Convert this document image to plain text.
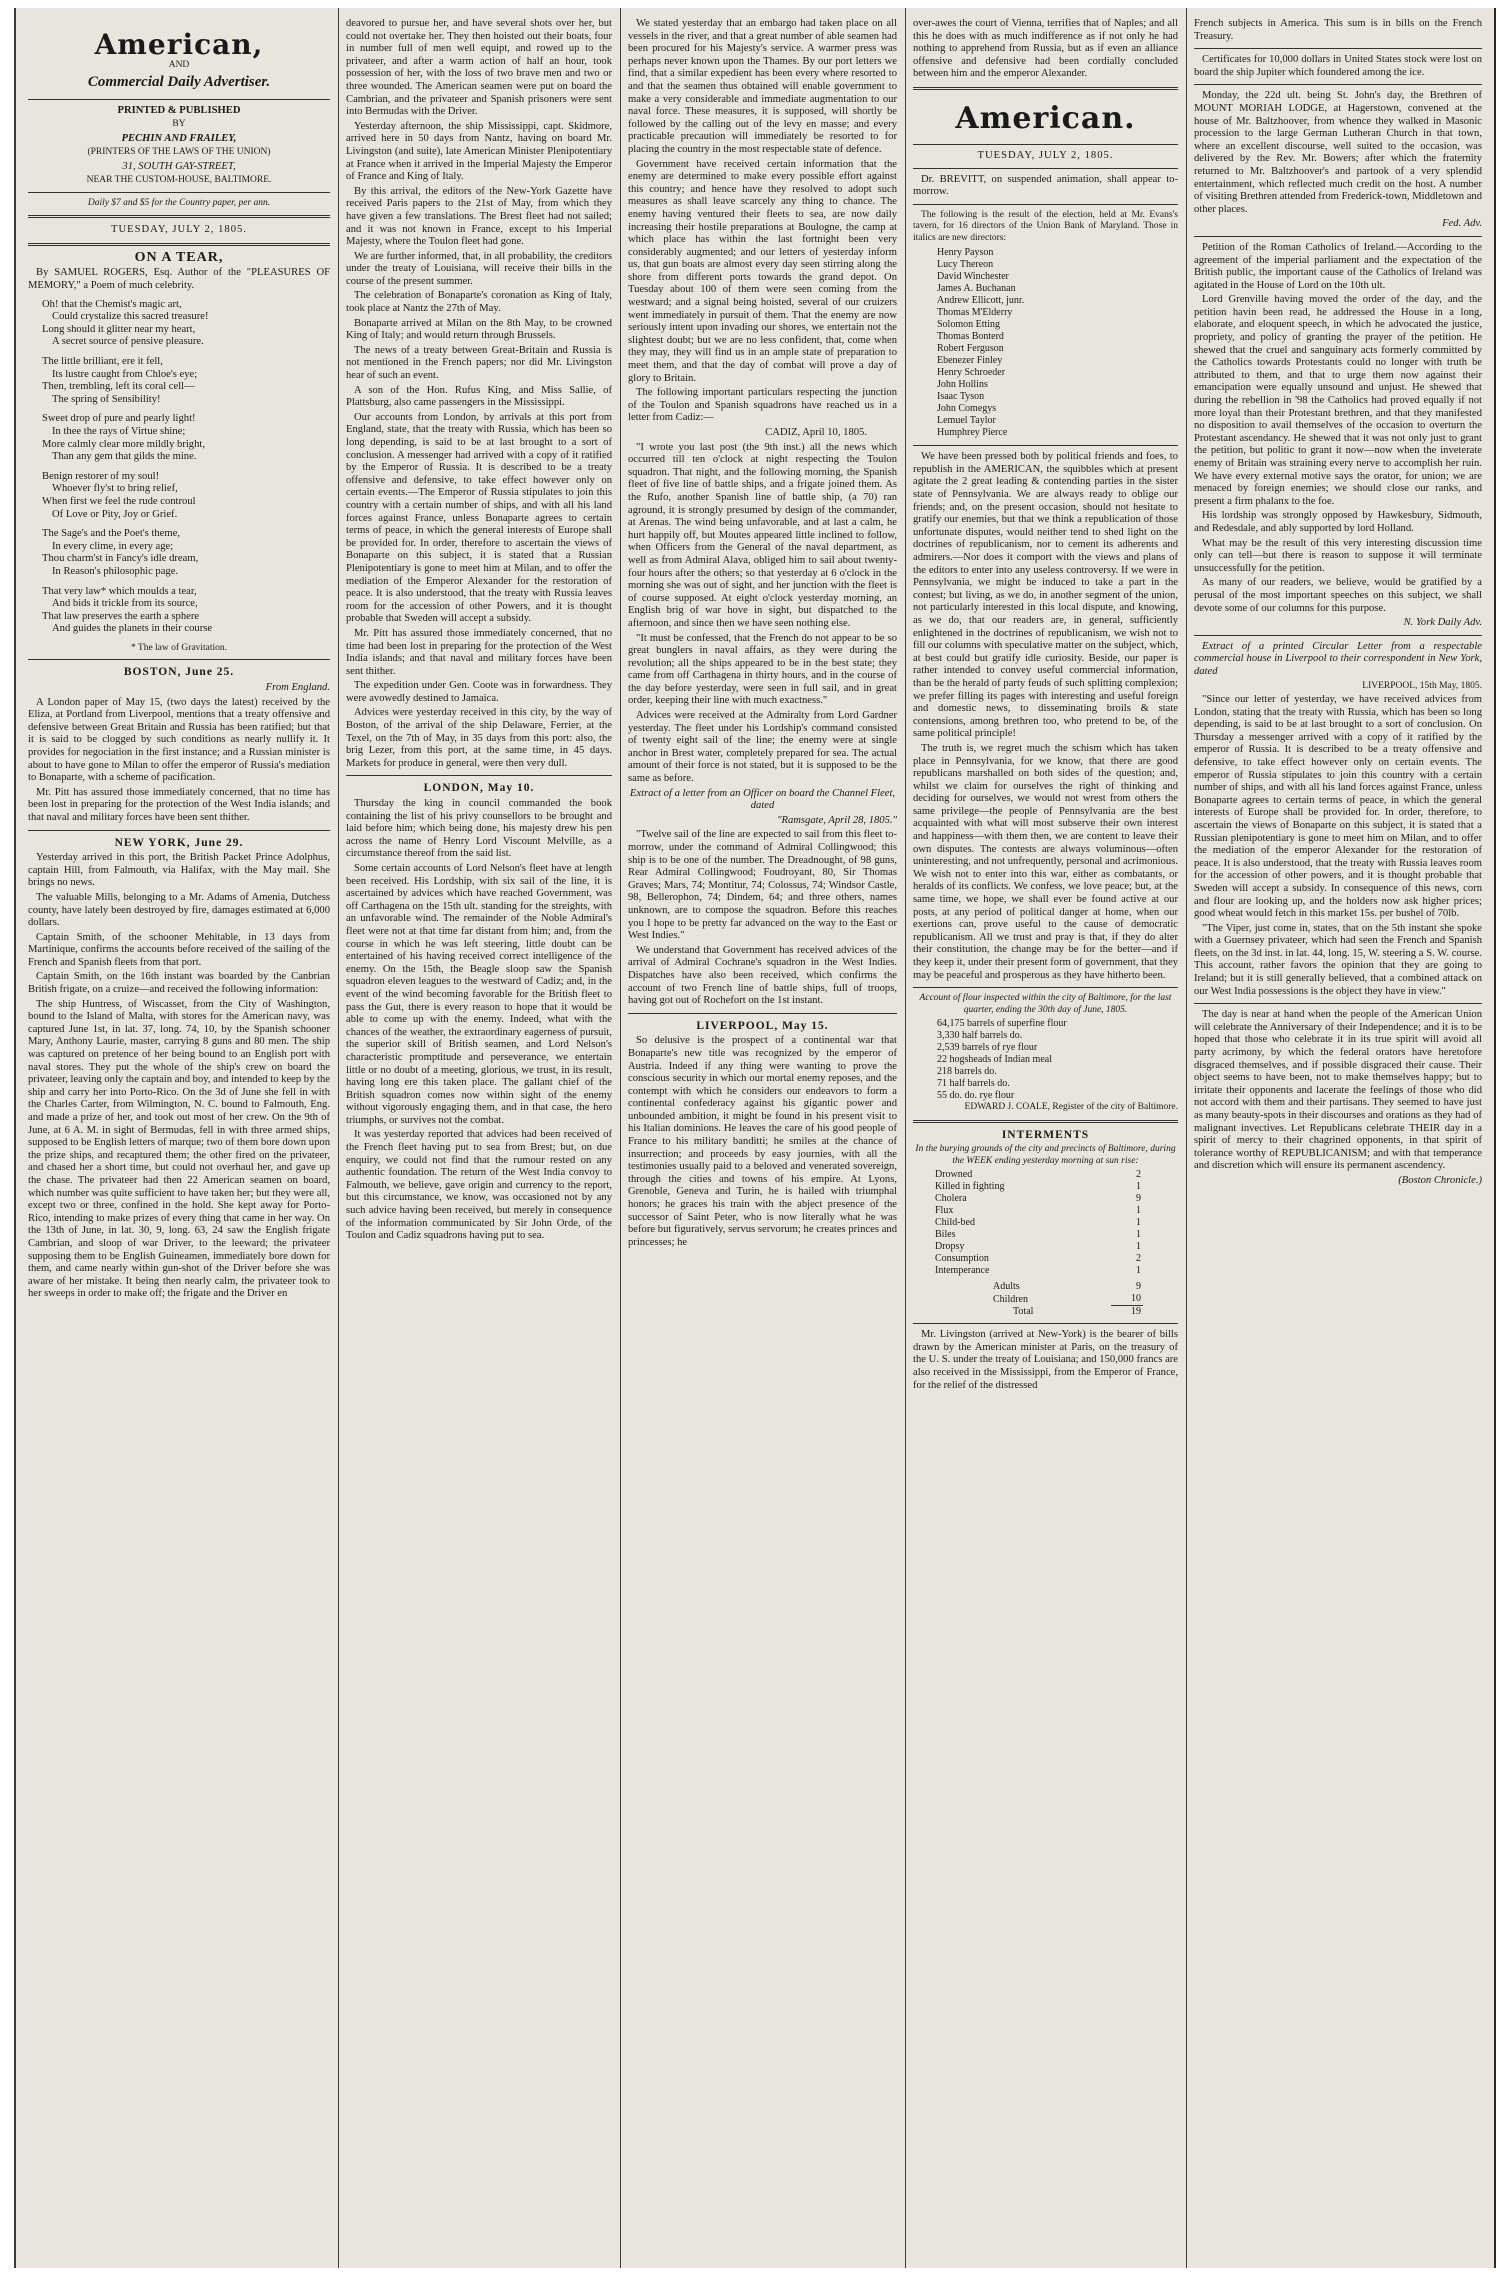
American,
AND
Commercial Daily Advertiser.

PRINTED & PUBLISHED

BY

PECHIN AND FRAILEY,

(PRINTERS OF THE LAWS OF THE UNION)

31, SOUTH GAY-STREET,

NEAR THE CUSTOM-HOUSE, BALTIMORE.

Daily $7 and $5 for the Country paper, per ann.

TUESDAY, JULY 2, 1805.

ON A TEAR,

By SAMUEL ROGERS, Esq. Author of the "PLEASURES OF MEMORY," a Poem of much celebrity.

Oh! that the Chemist's magic art,

Could crystalize this sacred treasure!

Long should it glitter near my heart,

A secret source of pensive pleasure.

The little brilliant, ere it fell,

Its lustre caught from Chloe's eye;

Then, trembling, left its coral cell—

The spring of Sensibility!

Sweet drop of pure and pearly light!

In thee the rays of Virtue shine;

More calmly clear more mildly bright,

Than any gem that gilds the mine.

Benign restorer of my soul!

Whoever fly'st to bring relief,

When first we feel the rude controul

Of Love or Pity, Joy or Grief.

The Sage's and the Poet's theme,

In every clime, in every age;

Thou charm'st in Fancy's idle dream,

In Reason's philosophic page.

That very law* which moulds a tear,

And bids it trickle from its source,

That law preserves the earth a sphere

And guides the planets in their course

* The law of Gravitation.

BOSTON, June 25.

From England.

A London paper of May 15, (two days the latest) received by the Eliza, at Portland from Liverpool, mentions that a treaty offensive and defensive between Great Britain and Russia has been ratified; but that it is said to be clogged by such conditions as nearly nullify it. It provides for negociation in the first instance; and a Russian minister is about to have gone to Milan to offer the emperor of Russia's mediation to Bonaparte, with a scheme of pacification.

Mr. Pitt has assured those immediately concerned, that no time has been lost in preparing for the protection of the West India islands; and that naval and military forces have been sent thither.

NEW YORK, June 29.

Yesterday arrived in this port, the British Packet Prince Adolphus, captain Hill, from Falmouth, via Halifax, with the May mail. She brings no news.

The valuable Mills, belonging to a Mr. Adams of Amenia, Dutchess county, have lately been destroyed by fire, damages estimated at 6,000 dollars.

Captain Smith, of the schooner Mehitable, in 13 days from Martinique, confirms the accounts before received of the sailing of the French and Spanish fleets from that port.

Captain Smith, on the 16th instant was boarded by the Canbrian British frigate, on a cruize—and received the following information:

The ship Huntress, of Wiscasset, from the City of Washington, bound to the Island of Malta, with stores for the American navy, was captured June 1st, in lat. 37, long. 74, 10, by the Spanish schooner Mary, Anthony Laurie, master, carrying 8 guns and 80 men. The ship was captured on pretence of her being bound to an English port with naval stores. They put the whole of the ship's crew on board the privateer, leaving only the captain and boy, and intended to keep by the ship and carry her into Porto-Rico. On the 3d of June she fell in with the Charles Carter, from Wilmington, N. C. bound to Falmouth, Eng. and made a prize of her, and took out most of her crew. On the 9th of June, at 6 A. M. in sight of Bermudas, fell in with three armed ships, supposed to be English letters of marque; two of them bore down upon the prize ships, and recaptured them; the other fired on the privateer, and chased her a short time, but could not overhaul her, and gave up the chase. The privateer had then 22 American seamen on board, which number was quite sufficient to have taken her; but they were all, except two or three, confined in the hold. She kept away for Porto-Rico, intending to make prizes of every thing that came in her way. On the 13th of June, in lat. 30, 9, long. 63, 24 saw the English frigate Cambrian, and sloop of war Driver, to the leeward; the privateer supposing them to be English Guineamen, immediately bore down for them, and came nearly within gun-shot of the Driver before she was aware of her mistake. It being then nearly calm, the privateer took to her sweeps in order to make off; the frigate and the Driver en

deavored to pursue her, and have several shots over her, but could not overtake her. They then hoisted out their boats, four in number full of men well equipt, and rowed up to the privateer, and after a warm action of half an hour, took possession of her, with the loss of two brave men and two or three wounded. The American seamen were put on board the Cambrian, and the privateer and Spanish prisoners were sent into Bermudas with the Driver.

Yesterday afternoon, the ship Mississippi, capt. Skidmore, arrived here in 50 days from Nantz, having on board Mr. Livingston (and suite), late American Minister Plenipotentiary at France when it arrived in the Imperial Majesty the Emperor of France and King of Italy.

By this arrival, the editors of the New-York Gazette have received Paris papers to the 21st of May, from which they have given a few translations. The Brest fleet had not sailed; and it was not known in France, except to his Imperial Majesty, where the Toulon fleet had gone.

We are further informed, that, in all probability, the creditors under the treaty of Louisiana, will receive their bills in the course of the present summer.

The celebration of Bonaparte's coronation as King of Italy, took place at Nantz the 27th of May.

Bonaparte arrived at Milan on the 8th May, to be crowned King of Italy; and would return through Brussels.

The news of a treaty between Great-Britain and Russia is not mentioned in the French papers; nor did Mr. Livingston hear of such an event.

A son of the Hon. Rufus King, and Miss Sallie, of Plattsburg, also came passengers in the Mississippi.

Our accounts from London, by arrivals at this port from England, state, that the treaty with Russia, which has been so long depending, is said to be at last brought to a sort of conclusion. A messenger had arrived with a copy of it ratified by the Emperor of Russia. It is described to be a treaty offensive and defensive, to take effect however only on certain events.—The Emperor of Russia stipulates to join this country with a certain number of ships, and with all his land forces against France, unless Bonaparte agrees to certain terms of peace, in which the general interests of Europe shall be provided for. In order, therefore to ascertain the views of Bonaparte on this subject, it is stated that a Russian Plenipotentiary is gone to meet him at Milan, and to offer the mediation of the Emperor Alexander for the restoration of peace. It is also understood, that the treaty with Russia leaves room for the accession of other Powers, and it is thought probable that Sweden will accept a subsidy.

Mr. Pitt has assured those immediately concerned, that no time had been lost in preparing for the protection of the West India islands; and that naval and military forces have been sent thither.

The expedition under Gen. Coote was in forwardness. They were avowedly destined to Jamaica.

Advices were yesterday received in this city, by the way of Boston, of the arrival of the ship Delaware, Ferrier, at the Texel, on the 7th of May, in 35 days from this port: also, the brig Lezer, from this port, at the same time, in 45 days. Markets for produce in general, were then very dull.

LONDON, May 10.

Thursday the king in council commanded the book containing the list of his privy counsellors to be brought and laid before him; which being done, his majesty drew his pen across the name of Henry Lord Viscount Melville, as a circumstance thereof from the said list.

Some certain accounts of Lord Nelson's fleet have at length been received. His Lordship, with six sail of the line, it is ascertained by advices which have reached Government, was off Carthagena on the 15th ult. standing for the streights, with an unfavorable wind. The remainder of the Noble Admiral's fleet were not at that time far distant from him; and, from the course in which he was left steering, little doubt can be entertained of his having received correct intelligence of the enemy. On the 15th, the Beagle sloop saw the Spanish squadron eleven leagues to the westward of Cadiz; and, in the event of the wind becoming favorable for the British fleet to pass the Gut, there is every reason to hope that it would be able to come up with the enemy. Indeed, what with the chances of the weather, the extraordinary eagerness of pursuit, the superior skill of British seamen, and Lord Nelson's characteristic promptitude and perseverance, we entertain little or no doubt of a meeting, glorious, we trust, in its result, having long ere this taken place. The gallant chief of the British squadron comes now within sight of the enemy without vigorously engaging them, and in that case, the hero triumphs, or survives not the combat.

It was yesterday reported that advices had been received of the French fleet having put to sea from Brest; but, on due enquiry, we could not find that the rumour rested on any authentic foundation. The return of the West India convoy to Falmouth, we believe, gave origin and currency to the report, but this circumstance, we know, was occasioned not by any such advice having been received, but merely in consequence of the information communicated by Sir John Orde, of the Toulon and Cadiz squadrons having put to sea.

We stated yesterday that an embargo had taken place on all vessels in the river, and that a great number of able seamen had been procured for his Majesty's service. A warmer press was perhaps never known upon the Thames. By our port letters we find, that a similar expedient has been every where resorted to and that the seamen thus obtained will enable government to make a very considerable and immediate augmentation to our naval force. These measures, it is supposed, will shortly be followed by the calling out of the levy en masse; and every practicable precaution will immediately be resorted to for placing the country in the most respectable state of defence.

Government have received certain information that the enemy are determined to make every possible effort against this country; and hence have they resolved to adopt such measures as shall leave scarcely any thing to chance. The enemy having ventured their fleets to sea, are now daily increasing their hostile preparations at Boulogne, the camp at which place has within the last fortnight been very considerably augmented; and our letters of yesterday inform us, that gun boats are almost every day seen stirring along the shore from different ports towards the grand depot. On Tuesday about 100 of them were seen coming from the westward; and a signal being hoisted, several of our cruizers went immediately in pursuit of them. That the enemy are now seriously intent upon invading our shores, we entertain not the slightest doubt; but we are no less confident, that, come when they may, they will find us in an ample state of preparation to meet them, and that the day of combat will prove a day of glory to Britain.

The following important particulars respecting the junction of the Toulon and Spanish squadrons have reached us in a letter from Cadiz:—

CADIZ, April 10, 1805.

"I wrote you last post (the 9th inst.) all the news which occurred till ten o'clock at night respecting the Toulon squadron. That night, and the following morning, the Spanish fleet of five line of battle ships, and a frigate joined them. As the Rufo, another Spanish line of battle ship, (a 70) ran aground, it is strongly presumed by design of the commander, at Arenas. The wind being unfavorable, and at last a calm, he hurt happily off, but Moutes appeared little inclined to follow, when Officers from the General of the naval department, as well as from Admiral Alava, obliged him to sail about twenty-four hours after the others; so that yesterday at 6 o'clock in the morning she was out of sight, and her junction with the fleet is of course supposed. At eight o'clock yesterday morning, an English brig of war hove in sight, but dispatched to the afternoon, and since then we have seen nothing else.

"It must be confessed, that the French do not appear to be so great bunglers in naval affairs, as they were during the revolution; all the ships appeared to be in the best state; they came from off Carthagena in thirty hours, and in the course of the day before yesterday, were seen in full sail, and in great order, keeping their line with much exactness."

Advices were received at the Admiralty from Lord Gardner yesterday. The fleet under his Lordship's command consisted of twenty eight sail of the line; the enemy were at single anchor in Brest water, completely prepared for sea. The actual amount of their force is not stated, but it is supposed to be the same as before.

Extract of a letter from an Officer on board the Channel Fleet, dated

"Ramsgate, April 28, 1805."

"Twelve sail of the line are expected to sail from this fleet to-morrow, under the command of Admiral Collingwood; this ship is to be one of the number. The Dreadnought, of 98 guns, Rear Admiral Collingwood; Foudroyant, 80, Sir Thomas Graves; Mars, 74; Montitur, 74; Colossus, 74; Windsor Castle, 98, Bellerophon, 74; Dindem, 64; and three others, names unknown, are to compose the squadron. Before this reaches you I hope to be pretty far advanced on the way to the East or West Indies."

We understand that Government has received advices of the arrival of Admiral Cochrane's squadron in the West Indies. Dispatches have also been received, which confirms the account of two French line of battle ships, full of troops, having got out of Rochefort on the 1st instant.

LIVERPOOL, May 15.

So delusive is the prospect of a continental war that Bonaparte's new title was recognized by the emperor of Austria. Indeed if any thing were wanting to prove the conscious security in which our mortal enemy reposes, and the contempt with which he considers our endeavors to form a continental confederacy against his gigantic power and unbounded ambition, it might be found in his present visit to his Italian dominions. He leaves the care of his good people of France to his military banditti; he smiles at the chance of insurrection; and proceeds by easy journies, with all the testimonies usually paid to a beloved and venerated sovereign, through the cities and towns of his empire. At Lyons, Grenoble, Geneva and Turin, he is hailed with triumphal honors; he graces his train with the abject presence of the successor of Saint Peter, who is now literally what he was before but figuratively, servus servorum; he creates princes and princesses; he

over-awes the court of Vienna, terrifies that of Naples; and all this he does with as much indifference as if not only he had nothing to apprehend from Russia, but as if even an alliance offensive and defensive had been cordially concluded between him and the emperor Alexander.

American.

TUESDAY, JULY 2, 1805.

Dr. BREVITT, on suspended animation, shall appear to-morrow.

The following is the result of the election, held at Mr. Evans's tavern, for 16 directors of the Union Bank of Maryland. Those in italics are new directors:

Henry Payson

Lucy Thereon

David Winchester

James A. Buchanan

Andrew Ellicott, junr.

Thomas M'Elderry

Solomon Etting

Thomas Bonterd

Robert Ferguson

Ebenezer Finley

Henry Schroeder

John Hollins

Isaac Tyson

John Comegys

Lemuel Taylor

Humphrey Pierce

We have been pressed both by political friends and foes, to republish in the AMERICAN, the squibbles which at present agitate the 2 great leading & contending parties in the sister state of Pennsylvania. We are always ready to oblige our friends; and, on the present occasion, should not hesitate to gratify our enemies, but that we think a republication of those unfortunate disputes, would neither tend to shed light on the doctrines of republicanism, nor to cement its adherents and admirers.—Nor does it comport with the views and plans of the editors to enter into any useless controversy. If we were in Pennsylvania, we might be induced to take a part in the contest; but living, as we do, in another segment of the union, not particularly interested in this local dispute, and knowing, as we do, that our readers are, in general, sufficiently enlightened in the doctrines of republicanism, we wish not to fill our columns with speculative matter on the subject, which, at best could but gratify idle curiosity. Beside, our paper is rather intended to convey useful commercial information, than be the herald of party feuds of such splitting complexion; we prefer filling its pages with interesting and useful foreign and domestic news, to disseminating broils & state contensions, among brethren too, who pretend to be, of the same political principle!

The truth is, we regret much the schism which has taken place in Pennsylvania, for we know, that there are good republicans marshalled on both sides of the question; and, whilst we claim for ourselves the right of thinking and deciding for ourselves, we would not wrest from others the same privilege—the people of Pennsylvania are the best acquainted with what will most subserve their own interest and happiness—with them then, we are content to leave their own disputes. The contests are always voluminous—often uninteresting, and not unfrequently, personal and acrimonious. We wish not to enter into this war, either as combatants, or heralds of its conflicts. We confess, we love peace; but, at the same time, we hope, we shall ever be found active at our posts, at any period of political danger at home, when our exertions can, prove useful to the cause of democratic republicanism. All we trust and pray is that, if they do alter their constitution, the change may be for the better—and if they keep it, under their present form of government, that they may be peaceful and prosperous as they have hitherto been.

Account of flour inspected within the city of Baltimore, for the last quarter, ending the 30th day of June, 1805.

64,175 barrels of superfine flour

3,330 half barrels do.

2,539 barrels of rye flour

22 hogsheads of Indian meal

218 barrels do.

71 half barrels do.

55 do. do. rye flour

EDWARD J. COALE, Register of the city of Baltimore.

INTERMENTS

In the burying grounds of the city and precincts of Baltimore, during the WEEK ending yesterday morning at sun rise:

Drowned	2
Killed in fighting	1
Cholera	9
Flux	1
Child-bed	1
Biles	1
Dropsy	1
Consumption	2
Intemperance	1
Adults	9
Children	10
Total	19

Mr. Livingston (arrived at New-York) is the bearer of bills drawn by the American minister at Paris, on the treasury of the U. S. under the treaty of Louisiana; and 150,000 francs are also received in the Mississippi, from the Emperor of France, for the relief of the distressed

French subjects in America. This sum is in bills on the French Treasury.

Certificates for 10,000 dollars in United States stock were lost on board the ship Jupiter which foundered among the ice.

Monday, the 22d ult. being St. John's day, the Brethren of MOUNT MORIAH LODGE, at Hagerstown, convened at the house of Mr. Baltzhoover, from whence they walked in Masonic procession to the large German Lutheran Church in that town, where an excellent discourse, well suited to the occasion, was delivered by the Rev. Mr. Bowers; after which the fraternity returned to Mr. Baltzhoover's and partook of a very splendid entertainment, which reflected much credit on the host. A number of visiting Brethren attended from Frederick-town, Middletown and other places.

Fed. Adv.

Petition of the Roman Catholics of Ireland.—According to the agreement of the imperial parliament and the expectation of the British public, the important cause of the Catholics of Ireland was agitated in the House of Lord on the 10th ult.

Lord Grenville having moved the order of the day, and the petition havin been read, he addressed the House in a long, elaborate, and eloquent speech, in which he advocated the justice, propriety, and policy of granting the prayer of the petition. He shewed that the cruel and sanguinary acts formerly committed by the Catholics towards Protestants could no longer with truth be attributed to them, and that to urge them now against their emancipation were equally unsound and unjust. He shewed that during the rebellion in '98 the Catholics had proved equally if not more loyal than their Protestant brethren, and that they manifested no disposition to avail themselves of the occasion to overturn the Protestant ascendancy. He shewed that it was not only just to grant the petition, but politic to grant it now—now when the inveterate enemy of Britain was straining every nerve to accomplish her ruin. We have every external motive says the orator, for union; we are menaced by foreign enemies; we should close our ranks, and present a firm phalanx to the foe.

His lordship was strongly opposed by Hawkesbury, Sidmouth, and Redesdale, and ably supported by lord Holland.

What may be the result of this very interesting discussion time only can tell—but there is reason to suppose it will terminate unsuccessfully for the petition.

As many of our readers, we believe, would be gratified by a perusal of the most important speeches on this subject, we shall devote some of our columns for this purpose.

N. York Daily Adv.

Extract of a printed Circular Letter from a respectable commercial house in Liverpool to their correspondent in New York, dated

LIVERPOOL, 15th May, 1805.

"Since our letter of yesterday, we have received advices from London, stating that the treaty with Russia, which has been so long depending, is said to be at last brought to a sort of conclusion. On Thursday a messenger arrived with a copy of it ratified by the emperor of Russia. It is described to be a treaty offensive and defensive, to take effect however only on certain events. The emperor of Russia stipulates to join this country with a certain number of ships, and with all his land forces against France, unless Bonaparte agrees to certain terms of peace, in which the general interests of Europe shall be provided for. In order, therefore, to ascertain the views of Bonaparte on this subject, it is stated that a Russian plenipotentiary is gone to meet him on Milan, and to offer the mediation of the emperor Alexander for the restoration of peace. It is also understood, that the treaty with Russia leaves room for the accession of other powers, and it is thought probable that Sweden will accept a subsidy. In consequence of this news, corn and flour are looking up, and the holders now ask higher prices; good wheat would fetch in this market 15s. per bushel of 70lb.

"The Viper, just come in, states, that on the 5th instant she spoke with a Guernsey privateer, which had seen the French and Spanish fleets, on the 3d inst. in lat. 44, long. 15, W. steering a S. W. course. This account, rather favors the opinion that they are going to Ireland; but it is still generally believed, that a combined attack on our West India possessions is the object they have in view."

The day is near at hand when the people of the American Union will celebrate the Anniversary of their Independence; and it is to be hoped that those who celebrate it in its true spirit will avoid all party acrimony, by which the federal orators have heretofore disgraced themselves, and if possible disgraced their cause. Their object seems to have been, not to make themselves happy; but to irritate their opponents and lacerate the feelings of those who did not accord with them and their partisans. They seemed to have just as many beauty-spots in their discourses and orations as they had of malignant invectives. Let Republicans celebrate THEIR day in a spirit of mercy to their chagrined opponents, in that spirit of tolerance worthy of REPUBLICANISM; and with that temperance and discretion which will ensure its permanent ascendency.

(Boston Chronicle.)
